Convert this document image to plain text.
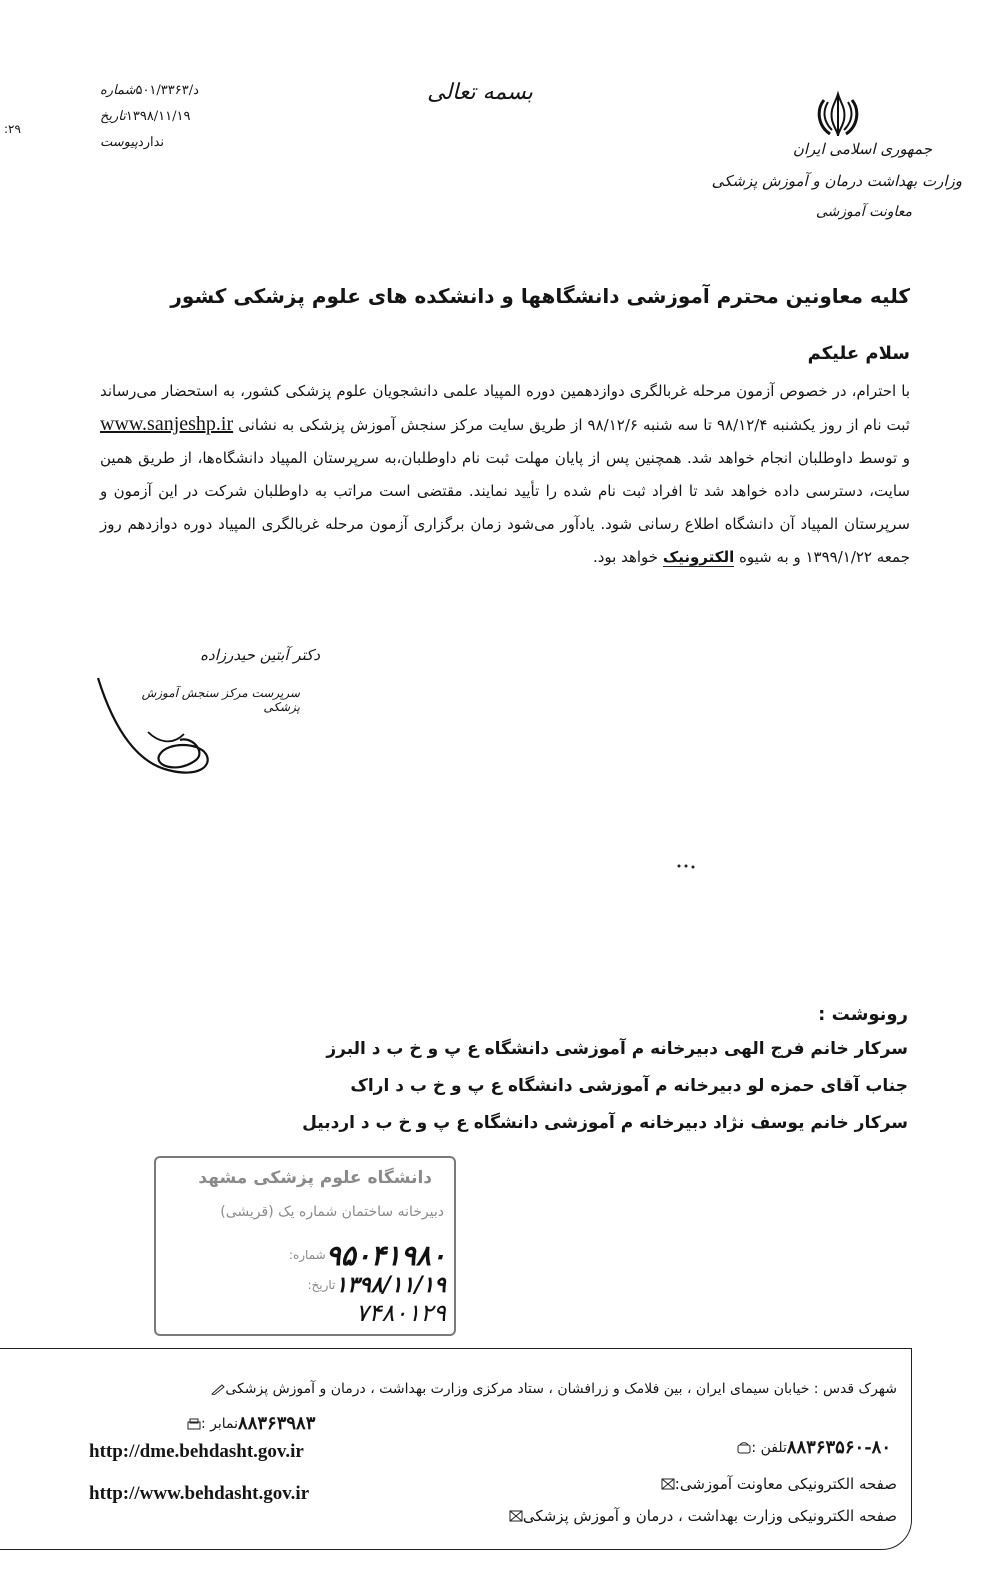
بسمه تعالی
جمهوری اسلامی ایران
وزارت بهداشت درمان و آموزش پزشکی
معاونت آموزشی
شماره د/۵۰۱/۳۳۶۳
تاریخ ۱۳۹۸/۱۱/۱۹
پیوست ندارد
:۲۹
کلیه معاونین محترم آموزشی دانشگاهها و دانشکده های علوم پزشکی کشور
سلام علیکم
با احترام، در خصوص آزمون مرحله غربالگری دوازدهمین دوره المپیاد علمی دانشجویان علوم پزشکی کشور، به استحضار می‌رساند ثبت نام از روز یکشنبه ۹۸/۱۲/۴ تا سه شنبه ۹۸/۱۲/۶ از طریق سایت مرکز سنجش آموزش پزشکی به نشانی www.sanjeshp.ir و توسط داوطلبان انجام خواهد شد. همچنین پس از پایان مهلت ثبت نام داوطلبان،به سرپرستان المپیاد دانشگاه‌ها، از طریق همین سایت، دسترسی داده خواهد شد تا افراد ثبت نام شده را تأیید نمایند. مقتضی است مراتب به داوطلبان شرکت در این آزمون و سرپرستان المپیاد آن دانشگاه اطلاع رسانی شود. یادآور می‌شود زمان برگزاری آزمون مرحله غربالگری المپیاد دوره دوازدهم روز جمعه ۱۳۹۹/۱/۲۲ و به شیوه الکترونیک خواهد بود.
دکتر آبتین حیدرزاده
سرپرست مرکز سنجش آموزش پزشکی
رونوشت :
سرکار خانم فرج الهی دبیرخانه م آموزشی دانشگاه ع پ و خ ب د البرز
جناب آقای حمزه لو دبیرخانه م آموزشی دانشگاه ع پ و خ ب د اراک
سرکار خانم یوسف نژاد دبیرخانه م آموزشی دانشگاه ع پ و خ ب د اردبیل
دانشگاه علوم پزشکی مشهد
دبیرخانه ساختمان شماره یک (قریشی)
شماره: ۹۵۰۴۱۹۸۰
تاریخ: ۱۳۹۸/۱۱/۱۹
۷۴۸۰۱۲۹
شهرک قدس : خیابان سیمای ایران ، بین فلامک و زرافشان ، ستاد مرکزی وزارت بهداشت ، درمان و آموزش پزشکی
نمابر : ۸۸۳۶۳۹۸۳
تلفن : ۸۸۳۶۳۵۶۰-۸۰
http://dme.behdasht.gov.ir
http://www.behdasht.gov.ir	صفحه الکترونیکی معاونت آموزشی:
صفحه الکترونیکی وزارت بهداشت ، درمان و آموزش پزشکی
